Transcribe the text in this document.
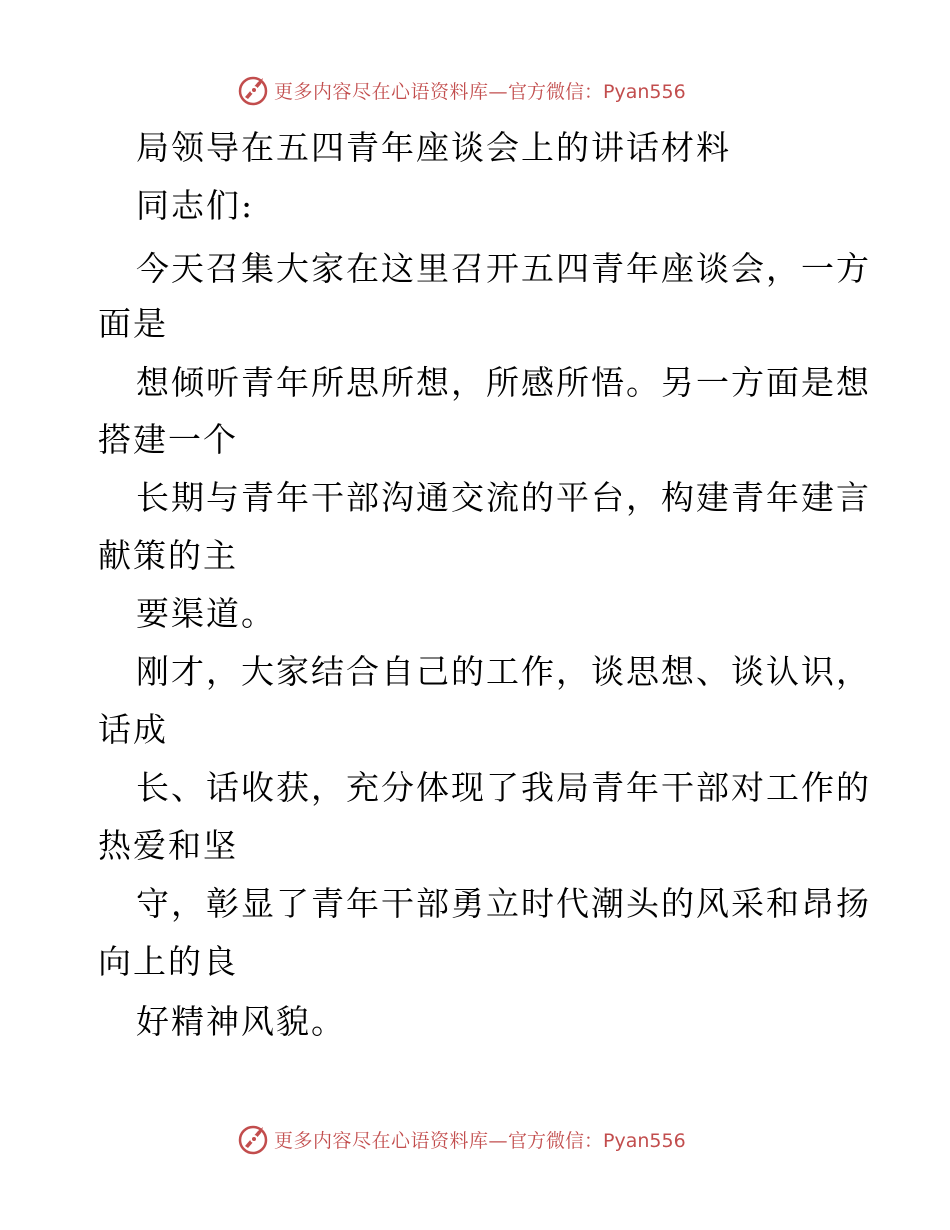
更多内容尽在心语资料库— 官方微信：Pyan556
局领导在五四青年座谈会上的讲话材料
同志们:
今天召集大家在这里召开五四青年座谈会，一方
面是
想倾听青年所思所想，所感所悟。另一方面是想
搭建一个
长期与青年干部沟通交流的平台，构建青年建言
献策的主
要渠道。
刚才，大家结合自己的工作，谈思想、谈认识，
话成
长、话收获，充分体现了我局青年干部对工作的
热爱和坚
守，彰显了青年干部勇立时代潮头的风采和昂扬
向上的良
好精神风貌。
更多内容尽在心语资料库— 官方微信：Pyan556
